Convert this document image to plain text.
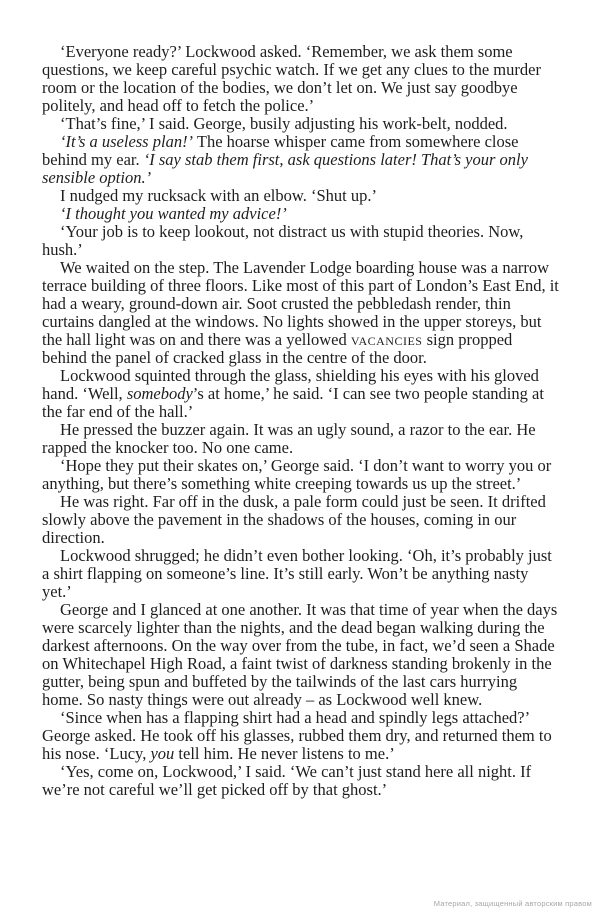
‘Everyone ready?’ Lockwood asked. ‘Remember, we ask them some questions, we keep careful psychic watch. If we get any clues to the murder room or the location of the bodies, we don’t let on. We just say goodbye politely, and head off to fetch the police.’

‘That’s fine,’ I said. George, busily adjusting his work-belt, nodded.

‘It’s a useless plan!’ The hoarse whisper came from somewhere close behind my ear. ‘I say stab them first, ask questions later! That’s your only sensible option.’

I nudged my rucksack with an elbow. ‘Shut up.’

‘I thought you wanted my advice!’

‘Your job is to keep lookout, not distract us with stupid theories. Now, hush.’

We waited on the step. The Lavender Lodge boarding house was a narrow terrace building of three floors. Like most of this part of London’s East End, it had a weary, ground-down air. Soot crusted the pebbledash render, thin curtains dangled at the windows. No lights showed in the upper storeys, but the hall light was on and there was a yellowed vacancies sign propped behind the panel of cracked glass in the centre of the door.

Lockwood squinted through the glass, shielding his eyes with his gloved hand. ‘Well, somebody’s at home,’ he said. ‘I can see two people standing at the far end of the hall.’

He pressed the buzzer again. It was an ugly sound, a razor to the ear. He rapped the knocker too. No one came.

‘Hope they put their skates on,’ George said. ‘I don’t want to worry you or anything, but there’s something white creeping towards us up the street.’

He was right. Far off in the dusk, a pale form could just be seen. It drifted slowly above the pavement in the shadows of the houses, coming in our direction.

Lockwood shrugged; he didn’t even bother looking. ‘Oh, it’s probably just a shirt flapping on someone’s line. It’s still early. Won’t be anything nasty yet.’

George and I glanced at one another. It was that time of year when the days were scarcely lighter than the nights, and the dead began walking during the darkest afternoons. On the way over from the tube, in fact, we’d seen a Shade on Whitechapel High Road, a faint twist of darkness standing brokenly in the gutter, being spun and buffeted by the tailwinds of the last cars hurrying home. So nasty things were out already – as Lockwood well knew.

‘Since when has a flapping shirt had a head and spindly legs attached?’ George asked. He took off his glasses, rubbed them dry, and returned them to his nose. ‘Lucy, you tell him. He never listens to me.’

‘Yes, come on, Lockwood,’ I said. ‘We can’t just stand here all night. If we’re not careful we’ll get picked off by that ghost.’

Материал, защищенный авторским правом
